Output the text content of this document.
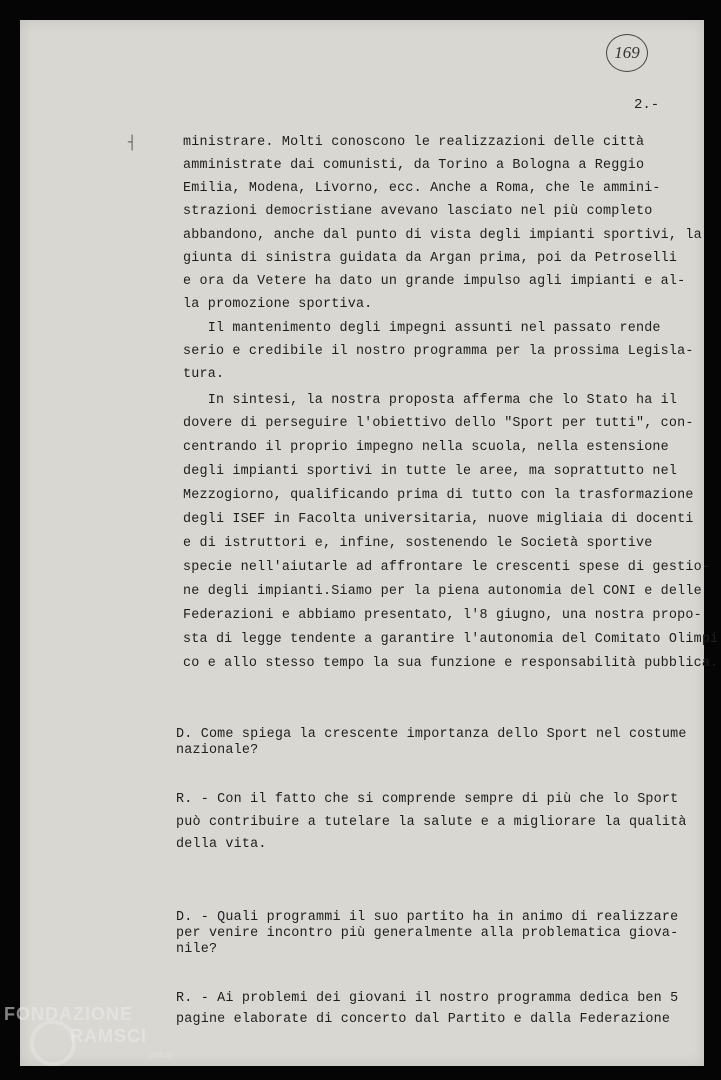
169
2.-
┤	ministrare. Molti conoscono le realizzazioni delle città
amministrate dai comunisti, da Torino a Bologna a Reggio
Emilia, Modena, Livorno, ecc. Anche a Roma, che le ammini-
strazioni democristiane avevano lasciato nel più completo
abbandono, anche dal punto di vista degli impianti sportivi, la
giunta di sinistra guidata da Argan prima, poi da Petroselli
e ora da Vetere ha dato un grande impulso agli impianti e al-
la promozione sportiva.
Il mantenimento degli impegni assunti nel passato rende
serio e credibile il nostro programma per la prossima Legisla-
tura.
In sintesi, la nostra proposta afferma che lo Stato ha il
dovere di perseguire l'obiettivo dello "Sport per tutti", con-
centrando il proprio impegno nella scuola, nella estensione
degli impianti sportivi in tutte le aree, ma soprattutto nel
Mezzogiorno, qualificando prima di tutto con la trasformazione
degli ISEF in Facolta universitaria, nuove migliaia di docenti
e di istruttori e, infine, sostenendo le Società sportive
specie nell'aiutarle ad affrontare le crescenti spese di gestio-
ne degli impianti.Siamo per la piena autonomia del CONI e delle
Federazioni e abbiamo presentato, l'8 giugno, una nostra propo-
sta di legge tendente a garantire l'autonomia del Comitato Olimpi
co e allo stesso tempo la sua funzione e responsabilità pubblica.
D. Come spiega la crescente importanza dello Sport nel costume
nazionale?
R. - Con il fatto che si comprende sempre di più che lo Sport
può contribuire a tutelare la salute e a migliorare la qualità
della vita.
D. - Quali programmi il suo partito ha in animo di realizzare
per venire incontro più generalmente alla problematica giova-
nile?
R. - Ai problemi dei giovani il nostro programma dedica ben 5
pagine elaborate di concerto dal Partito e dalla Federazione
FONDAZIONE
RAMSCI
onlus
